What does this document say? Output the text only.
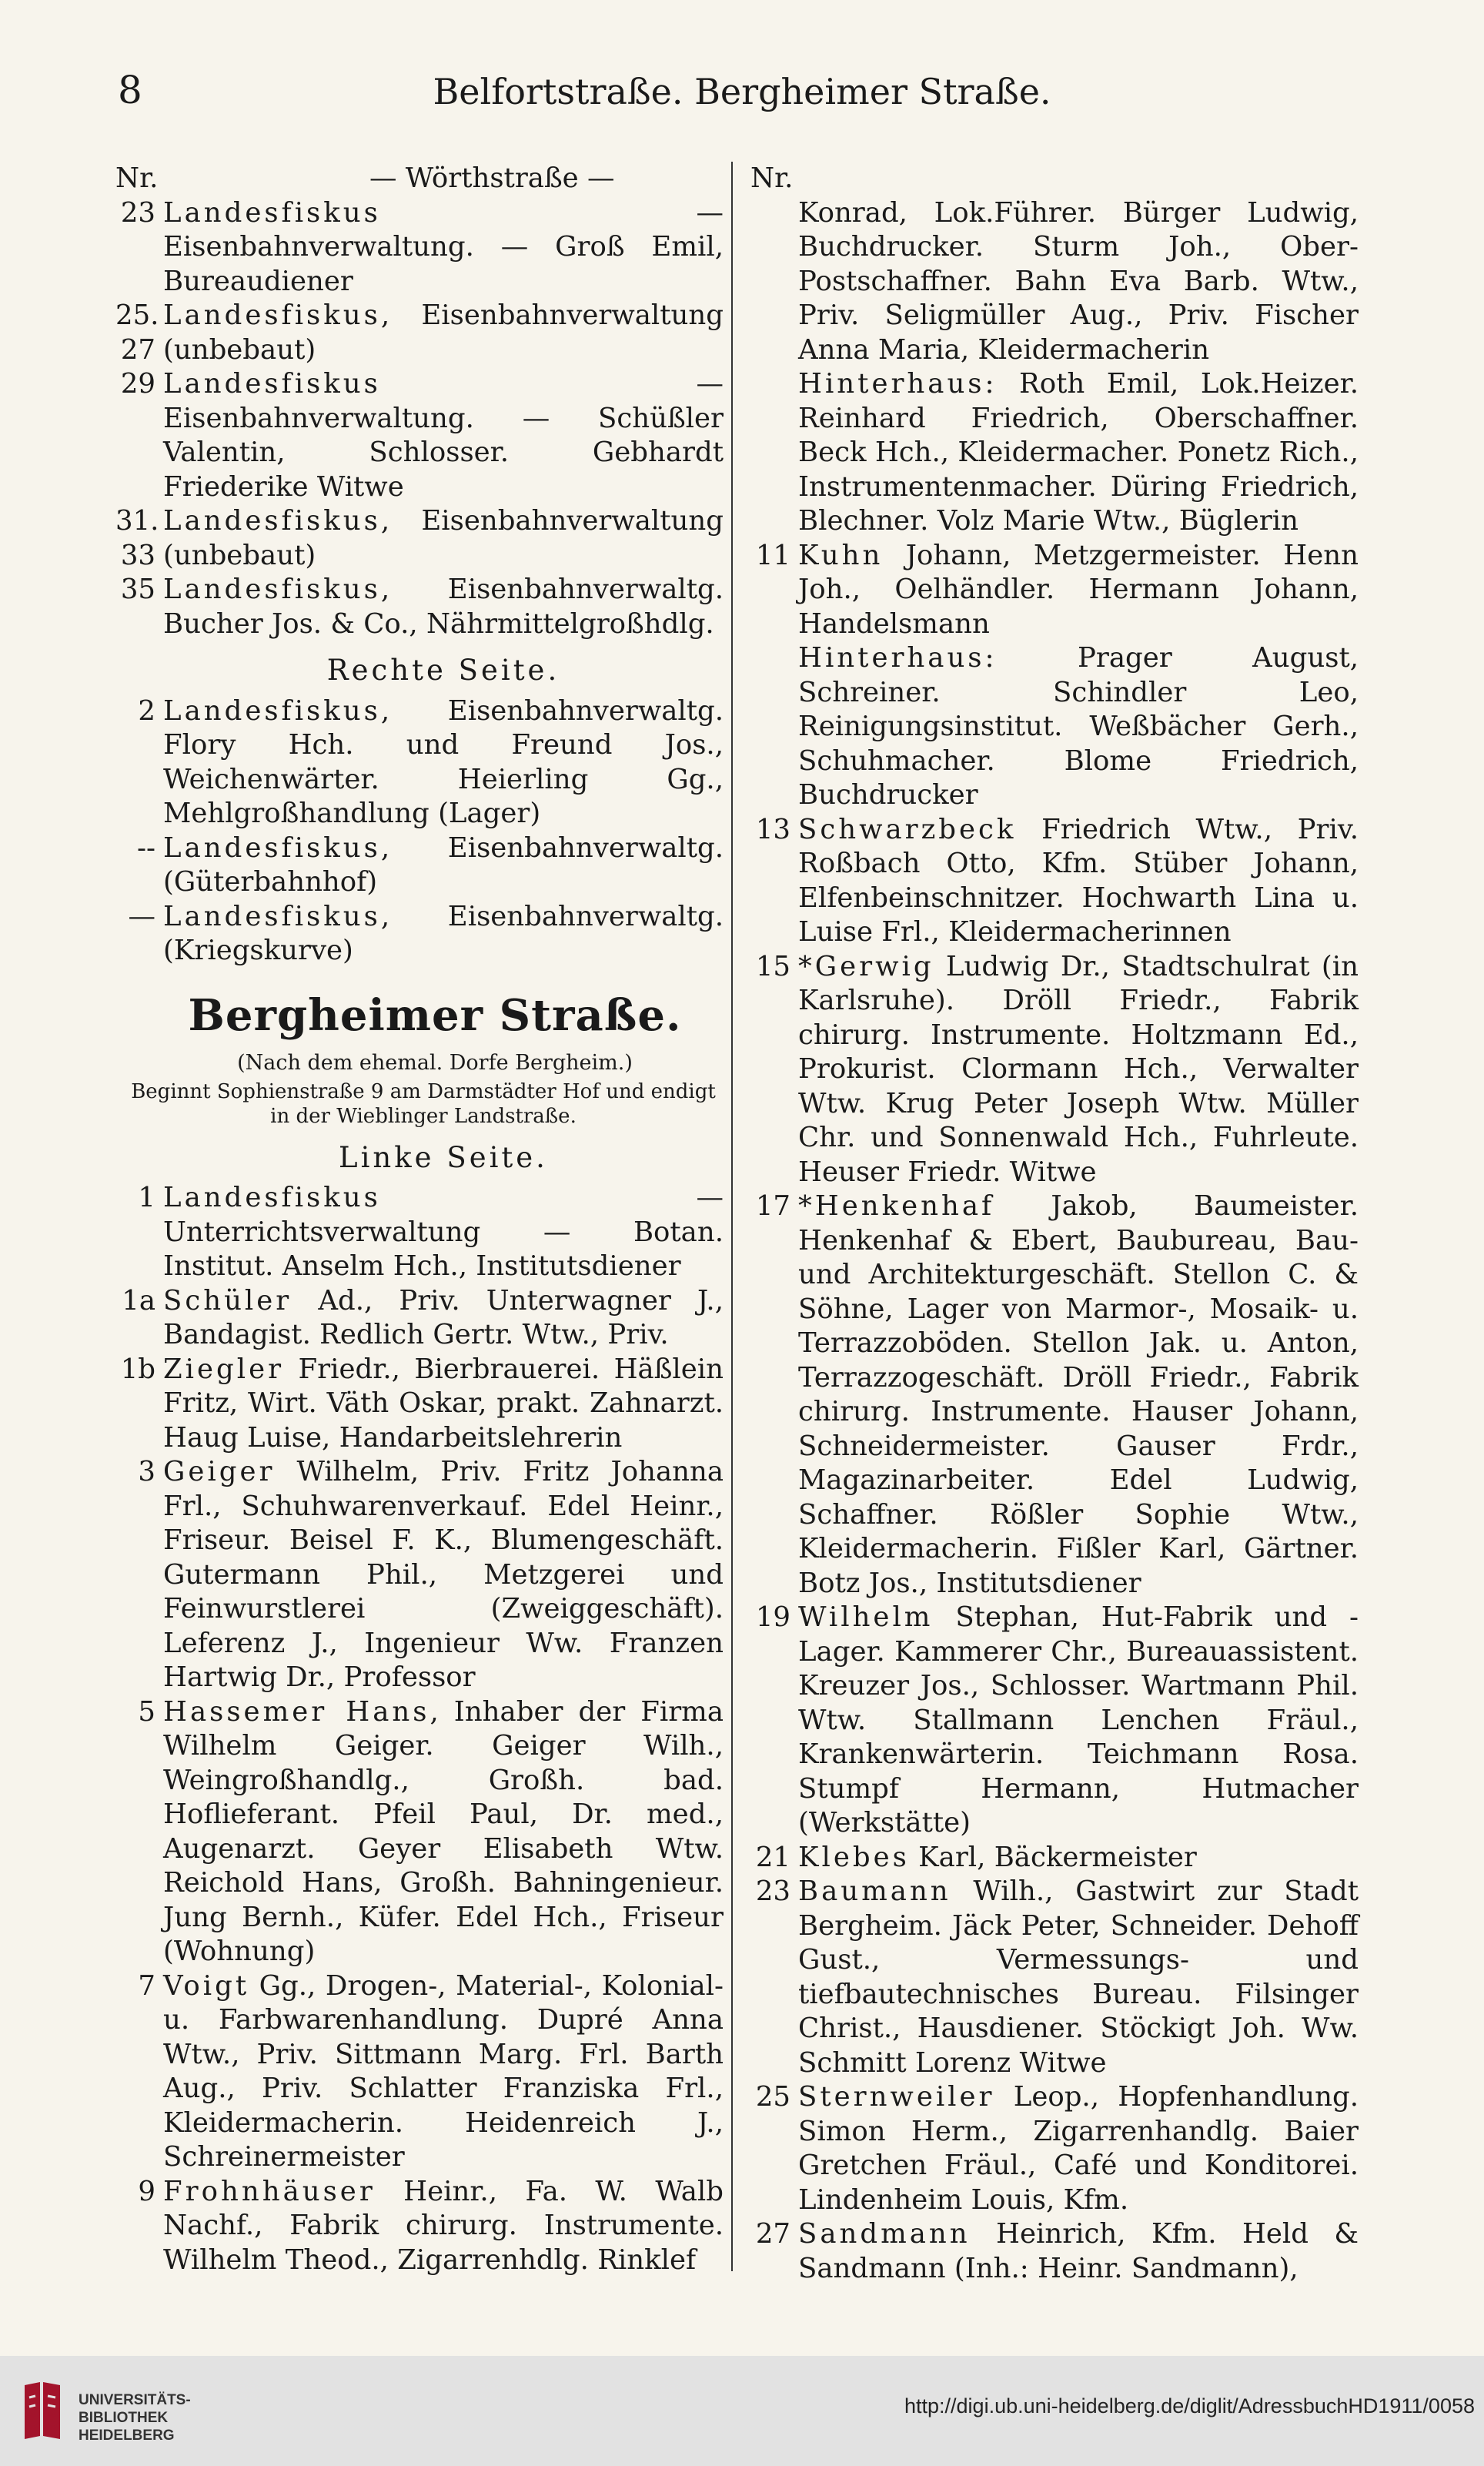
8	Belfortstraße. Bergheimer Straße.
Nr.	— Wörthstraße —
23 Landesfiskus — Eisenbahnverwaltung. — Groß Emil, Bureaudiener
25. 27
Landesfiskus, Eisenbahnverwaltung (unbebaut)
29 Landesfiskus — Eisenbahnverwaltung. — Schüßler Valentin, Schlosser. Gebhardt Friederike Witwe
31. 33
Landesfiskus, Eisenbahnverwaltung (unbebaut)
35 Landesfiskus, Eisenbahnverwaltg. Bucher Jos. & Co., Nährmittelgroßhdlg.
Rechte Seite.
2 Landesfiskus, Eisenbahnverwaltg. Flory Hch. und Freund Jos., Weichenwärter. Heierling Gg., Mehlgroßhandlung (Lager)
-- Landesfiskus, Eisenbahnverwaltg. (Güterbahnhof)
— Landesfiskus, Eisenbahnverwaltg. (Kriegskurve)
Bergheimer Straße.
(Nach dem ehemal. Dorfe Bergheim.)
Beginnt Sophienstraße 9 am Darmstädter Hof und endigt in der Wieblinger Landstraße.
Linke Seite.
1 Landesfiskus — Unterrichtsverwaltung — Botan. Institut. Anselm Hch., Institutsdiener
1a Schüler Ad., Priv. Unterwagner J., Bandagist. Redlich Gertr. Wtw., Priv.
1b Ziegler Friedr., Bierbrauerei. Häßlein Fritz, Wirt. Väth Oskar, prakt. Zahnarzt. Haug Luise, Handarbeitslehrerin
3 Geiger Wilhelm, Priv. Fritz Johanna Frl., Schuhwarenverkauf. Edel Heinr., Friseur. Beisel F. K., Blumengeschäft. Gutermann Phil., Metzgerei und Feinwurstlerei (Zweiggeschäft). Leferenz J., Ingenieur Ww. Franzen Hartwig Dr., Professor
5 Hassemer Hans, Inhaber der Firma Wilhelm Geiger. Geiger Wilh., Weingroßhandlg., Großh. bad. Hoflieferant. Pfeil Paul, Dr. med., Augenarzt. Geyer Elisabeth Wtw. Reichold Hans, Großh. Bahningenieur. Jung Bernh., Küfer. Edel Hch., Friseur (Wohnung)
7 Voigt Gg., Drogen-, Material-, Kolonial- u. Farbwarenhandlung. Dupré Anna Wtw., Priv. Sittmann Marg. Frl. Barth Aug., Priv. Schlatter Franziska Frl., Kleidermacherin. Heidenreich J., Schreinermeister
9 Frohnhäuser Heinr., Fa. W. Walb Nachf., Fabrik chirurg. Instrumente. Wilhelm Theod., Zigarrenhdlg. Rinklef
Nr.
Konrad, Lok.Führer. Bürger Ludwig, Buchdrucker. Sturm Joh., Ober-Postschaffner. Bahn Eva Barb. Wtw., Priv. Seligmüller Aug., Priv. Fischer Anna Maria, Kleidermacherin
Hinterhaus: Roth Emil, Lok.Heizer. Reinhard Friedrich, Oberschaffner. Beck Hch., Kleidermacher. Ponetz Rich., Instrumentenmacher. Düring Friedrich, Blechner. Volz Marie Wtw., Büglerin
11 Kuhn Johann, Metzgermeister. Henn Joh., Oelhändler. Hermann Johann, Handelsmann
Hinterhaus: Prager August, Schreiner. Schindler Leo, Reinigungsinstitut. Weßbächer Gerh., Schuhmacher. Blome Friedrich, Buchdrucker
13 Schwarzbeck Friedrich Wtw., Priv. Roßbach Otto, Kfm. Stüber Johann, Elfenbeinschnitzer. Hochwarth Lina u. Luise Frl., Kleidermacherinnen
15 *Gerwig Ludwig Dr., Stadtschulrat (in Karlsruhe). Dröll Friedr., Fabrik chirurg. Instrumente. Holtzmann Ed., Prokurist. Clormann Hch., Verwalter Wtw. Krug Peter Joseph Wtw. Müller Chr. und Sonnenwald Hch., Fuhrleute. Heuser Friedr. Witwe
17 *Henkenhaf Jakob, Baumeister. Henkenhaf & Ebert, Baubureau, Bau- und Architekturgeschäft. Stellon C. & Söhne, Lager von Marmor-, Mosaik- u. Terrazzoböden. Stellon Jak. u. Anton, Terrazzogeschäft. Dröll Friedr., Fabrik chirurg. Instrumente. Hauser Johann, Schneidermeister. Gauser Frdr., Magazinarbeiter. Edel Ludwig, Schaffner. Rößler Sophie Wtw., Kleidermacherin. Fißler Karl, Gärtner. Botz Jos., Institutsdiener
19 Wilhelm Stephan, Hut-Fabrik und -Lager. Kammerer Chr., Bureauassistent. Kreuzer Jos., Schlosser. Wartmann Phil. Wtw. Stallmann Lenchen Fräul., Krankenwärterin. Teichmann Rosa. Stumpf Hermann, Hutmacher (Werkstätte)
21 Klebes Karl, Bäckermeister
23 Baumann Wilh., Gastwirt zur Stadt Bergheim. Jäck Peter, Schneider. Dehoff Gust., Vermessungs- und tiefbautechnisches Bureau. Filsinger Christ., Hausdiener. Stöckigt Joh. Ww. Schmitt Lorenz Witwe
25 Sternweiler Leop., Hopfenhandlung. Simon Herm., Zigarrenhandlg. Baier Gretchen Fräul., Café und Konditorei. Lindenheim Louis, Kfm.
27 Sandmann Heinrich, Kfm. Held & Sandmann (Inh.: Heinr. Sandmann),
UNIVERSITÄTS-
BIBLIOTHEK
HEIDELBERG
http://digi.ub.uni-heidelberg.de/diglit/AdressbuchHD1911/0058
